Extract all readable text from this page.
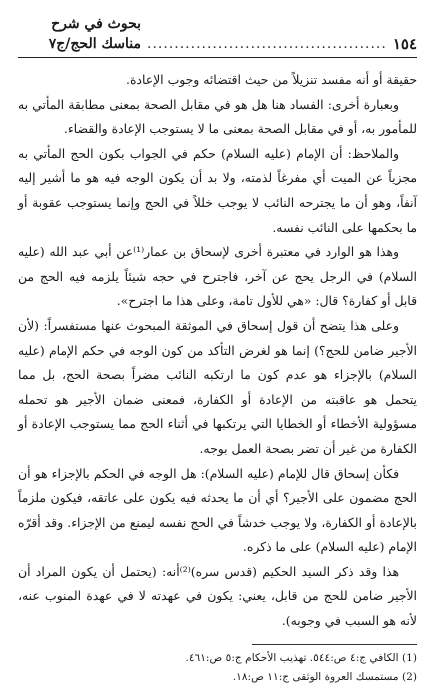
١٥٤
............................................
بحوث في شرح مناسك الحج/ج٧

حقيقة أو أنه مفسد تنزيلاً من حيث اقتضائه وجوب الإعادة.

وبعبارة أخرى: الفساد هنا هل هو في مقابل الصحة بمعنى مطابقة المأتي به للمأمور به، أو في مقابل الصحة بمعنى ما لا يستوجب الإعادة والقضاء.

والملاحظ: أن الإمام (عليه السلام) حكم في الجواب بكون الحج المأتي به مجزياً عن الميت أي مفرغاً لذمته، ولا بد أن يكون الوجه فيه هو ما أشير إليه آنفاً، وهو أن ما يجترحه النائب لا يوجب خللاً في الحج وإنما يستوجب عقوبة أو ما بحكمها على النائب نفسه.

وهذا هو الوارد في معتبرة أخرى لإسحاق بن عمار⁽¹⁾عن أبي عبد الله (عليه السلام) في الرجل يحج عن آخر، فاجترح في حجه شيئاً يلزمه فيه الحج من قابل أو كفارة؟ قال: «هي للأول تامة، وعلى هذا ما اجترح».

وعلى هذا يتضح أن قول إسحاق في الموثقة المبحوث عنها مستفسراً: (لأن الأجير ضامن للحج؟) إنما هو لغرض التأكد من كون الوجه في حكم الإمام (عليه السلام) بالإجزاء هو عدم كون ما ارتكبه النائب مضراً بصحة الحج، بل مما يتحمل هو عاقبته من الإعادة أو الكفارة، فمعنى ضمان الأجير هو تحمله مسؤولية الأخطاء أو الخطايا التي يرتكبها في أثناء الحج مما يستوجب الإعادة أو الكفارة من غير أن تضر بصحة العمل بوجه.

فكأن إسحاق قال للإمام (عليه السلام): هل الوجه في الحكم بالإجزاء هو أن الحج مضمون على الأجير؟ أي أن ما يحدثه فيه يكون على عاتقه، فيكون ملزماً بالإعادة أو الكفارة، ولا يوجب خدشاً في الحج نفسه ليمنع من الإجزاء. وقد أقرّه الإمام (عليه السلام) على ما ذكره.

هذا وقد ذكر السيد الحكيم (قدس سره)⁽²⁾أنه: (يحتمل أن يكون المراد أن الأجير ضامن للحج من قابل، يعني: يكون في عهدته لا في عهدة المنوب عنه، لأنه هو السبب في وجوبه).

(1) الكافي ج:٤ ص:٥٤٤. تهذيب الأحكام ج:٥ ص:٤٦١.

(2) مستمسك العروة الوثقى ج:١١ ص:١٨.
